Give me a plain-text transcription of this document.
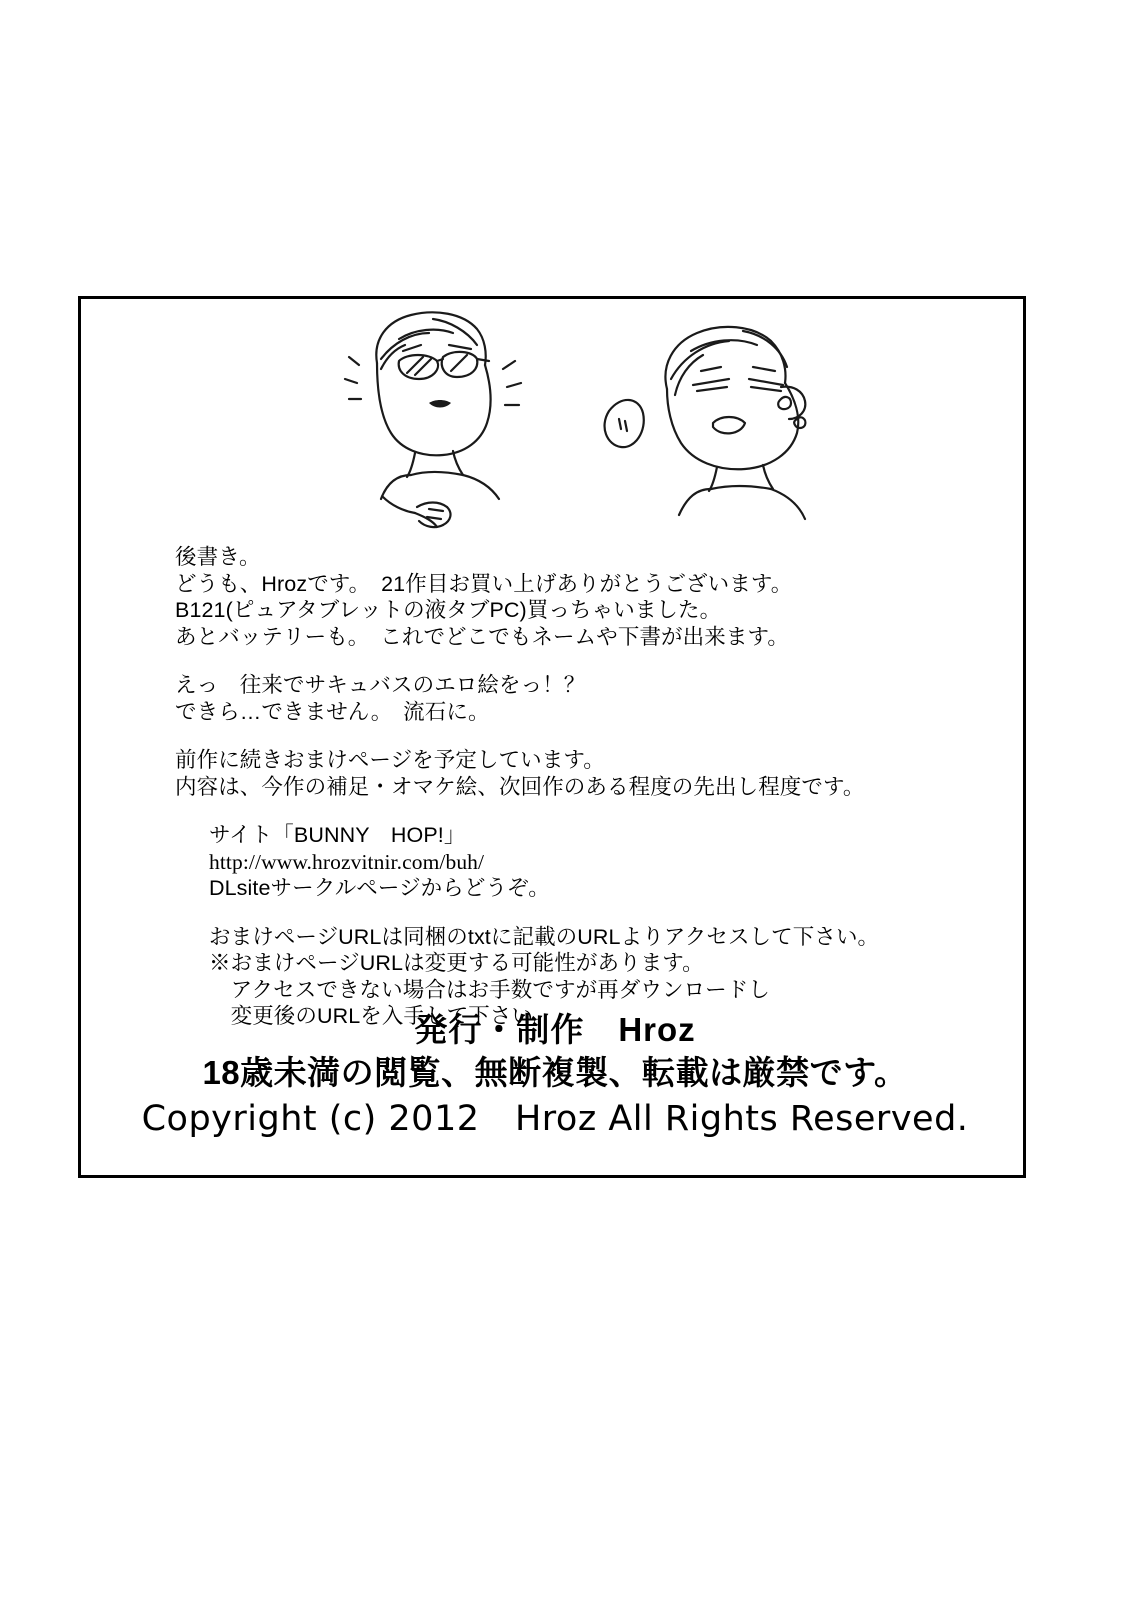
後書き。
どうも、Hrozです。　21作目お買い上げありがとうございます。
B121(ピュアタブレットの液タブPC)買っちゃいました。
あとバッテリーも。　これでどこでもネームや下書が出来ます。
えっ　往来でサキュバスのエロ絵をっ！？
できら…できません。　流石に。
前作に続きおまけページを予定しています。
内容は、今作の補足・オマケ絵、次回作のある程度の先出し程度です。
サイト「BUNNY　HOP!」
http://www.hrozvitnir.com/buh/
DLsiteサークルページからどうぞ。
おまけページURLは同梱のtxtに記載のURLよりアクセスして下さい。
※おまけページURLは変更する可能性があります。
　アクセスできない場合はお手数ですが再ダウンロードし
　変更後のURLを入手して下さい。
発行・制作　Hroz
18歳未満の閲覧、無断複製、転載は厳禁です。
Copyright (c) 2012　Hroz All Rights Reserved.
